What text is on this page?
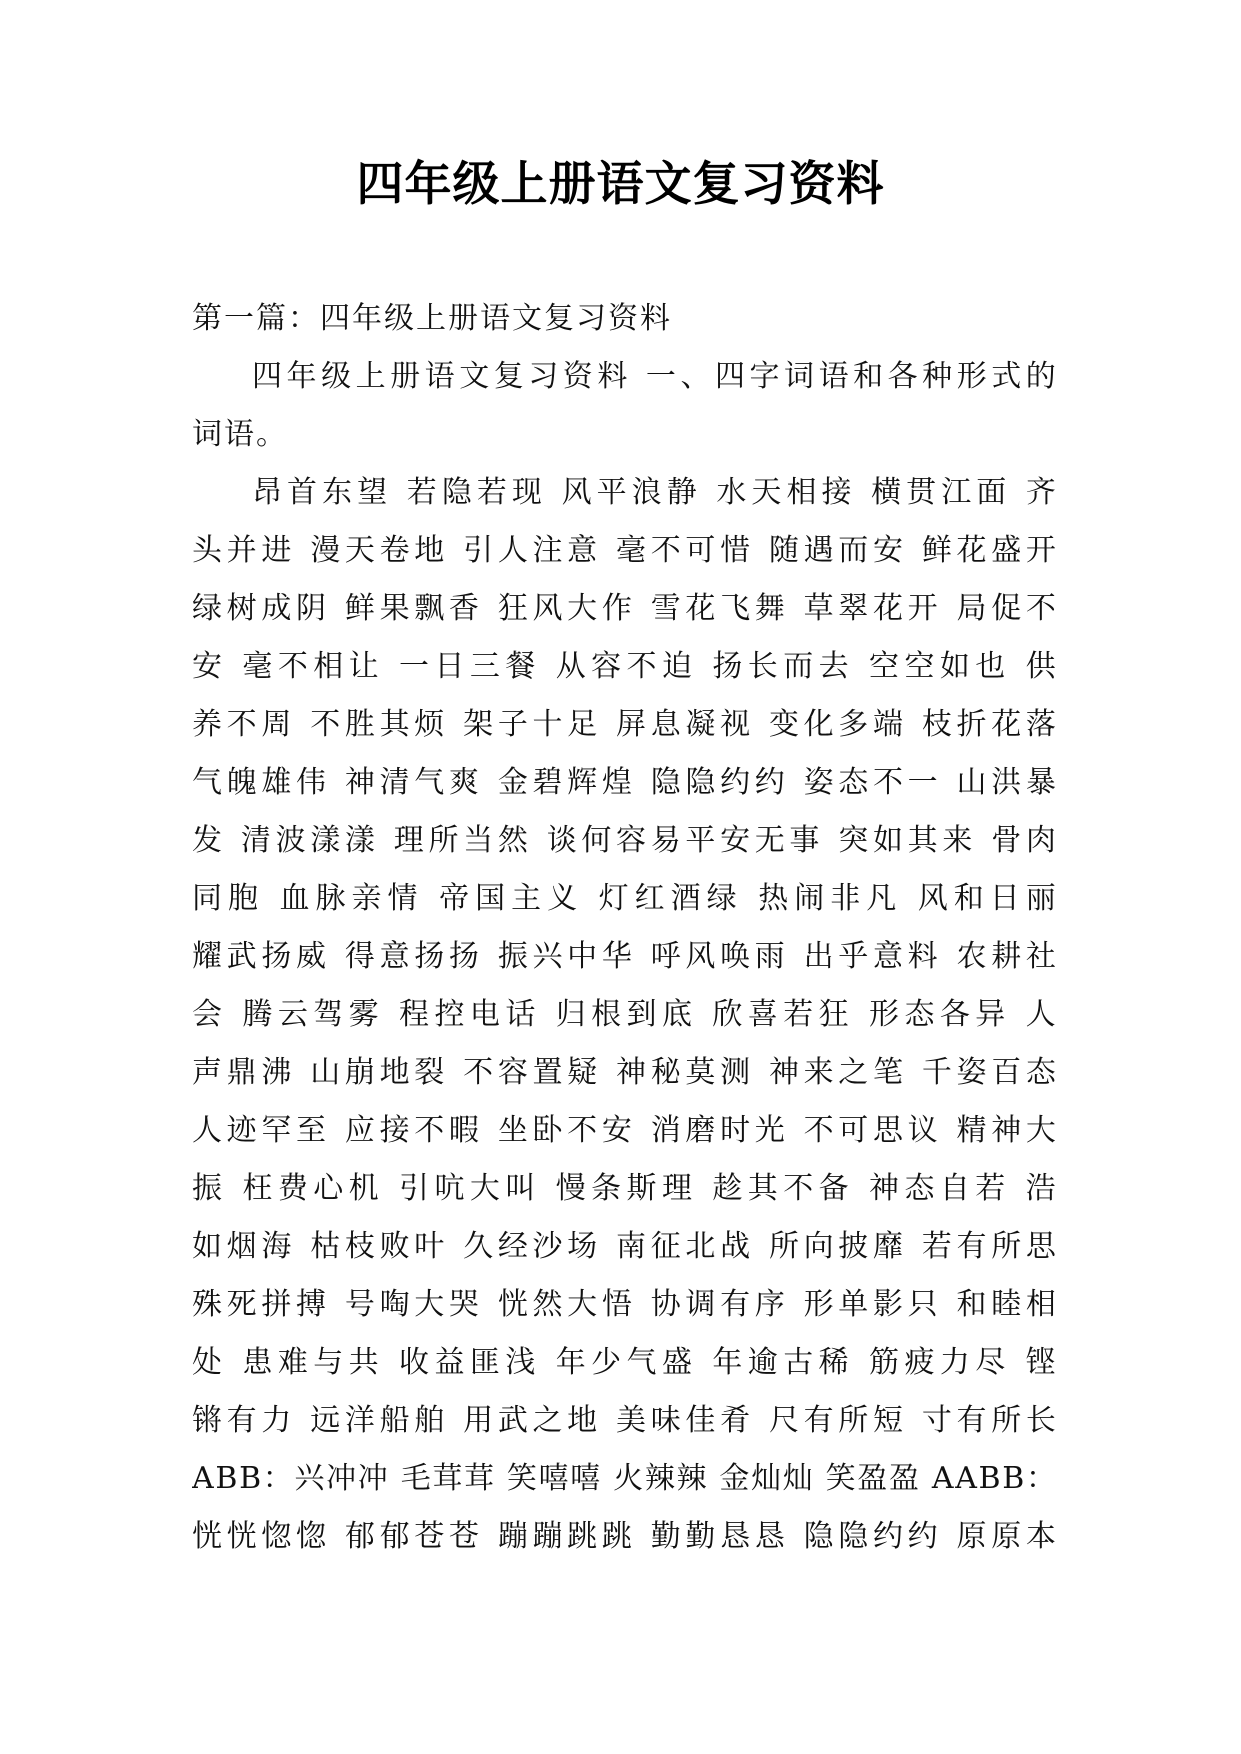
四年级上册语文复习资料
第一篇：四年级上册语文复习资料
四 年 级 上 册 语 文 复 习 资 料
一 、 四 字 词 语 和 各 种 形 式 的
词语。
昂 首 东 望
若 隐 若 现
风 平 浪 静
水 天 相 接
横 贯 江 面
齐
头 并 进
漫 天 卷 地
引 人 注 意
毫 不 可 惜
随 遇 而 安
鲜 花 盛 开
绿 树 成 阴
鲜 果 飘 香
狂 风 大 作
雪 花 飞 舞
草 翠 花 开
局 促 不
安
毫 不 相 让
一 日 三 餐
从 容 不 迫
扬 长 而 去
空 空 如 也
供
养 不 周
不 胜 其 烦
架 子 十 足
屏 息 凝 视
变 化 多 端
枝 折 花 落
气 魄 雄 伟
神 清 气 爽
金 碧 辉 煌
隐 隐 约 约
姿 态 不 一
山 洪 暴
发
清 波 漾 漾
理 所 当 然
谈 何 容 易 平 安 无 事
突 如 其 来
骨 肉
同 胞
血 脉 亲 情
帝 国 主 义
灯 红 酒 绿
热 闹 非 凡
风 和 日 丽
耀 武 扬 威
得 意 扬 扬
振 兴 中 华
呼 风 唤 雨
出 乎 意 料
农 耕 社
会
腾 云 驾 雾
程 控 电 话
归 根 到 底
欣 喜 若 狂
形 态 各 异
人
声 鼎 沸
山 崩 地 裂
不 容 置 疑
神 秘 莫 测
神 来 之 笔
千 姿 百 态
人 迹 罕 至
应 接 不 暇
坐 卧 不 安
消 磨 时 光
不 可 思 议
精 神 大
振
枉 费 心 机
引 吭 大 叫
慢 条 斯 理
趁 其 不 备
神 态 自 若
浩
如 烟 海
枯 枝 败 叶
久 经 沙 场
南 征 北 战
所 向 披 靡
若 有 所 思
殊 死 拼 搏
号 啕 大 哭
恍 然 大 悟
协 调 有 序
形 单 影 只
和 睦 相
处
患 难 与 共
收 益 匪 浅
年 少 气 盛
年 逾 古 稀
筋 疲 力 尽
铿
锵 有 力
远 洋 船 舶
用 武 之 地
美 味 佳 肴
尺 有 所 短
寸 有 所 长
A B B ： 兴 冲 冲
毛 茸 茸
笑 嘻 嘻
火 辣 辣
金 灿 灿
笑 盈 盈
A A B B ：
恍 恍 惚 惚
郁 郁 苍 苍
蹦 蹦 跳 跳
勤 勤 恳 恳
隐 隐 约 约
原 原 本
